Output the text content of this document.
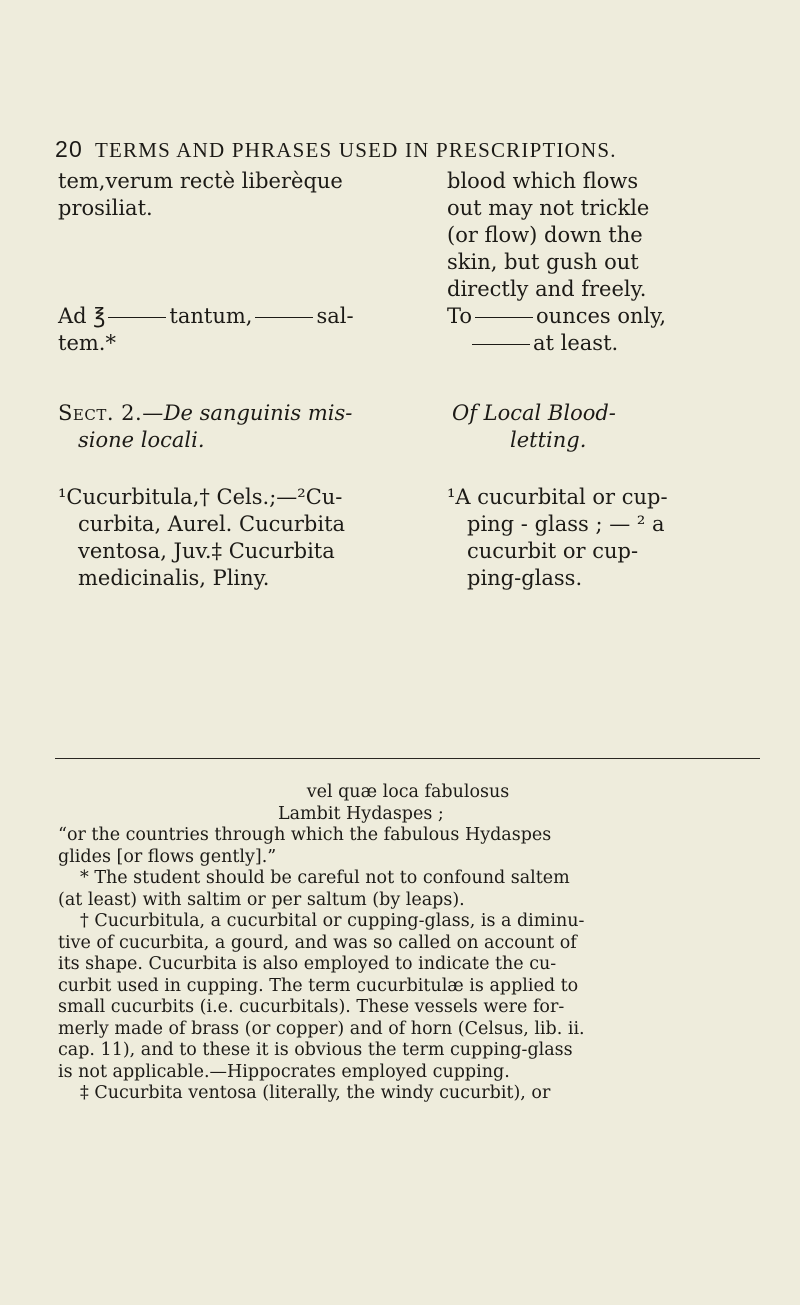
20 TERMS AND PHRASES USED IN PRESCRIPTIONS.
tem,verum rectè liberèque
prosiliat.
blood which flows
out may not trickle
(or flow) down the
skin, but gush out
directly and freely.
Ad ℥	tantum,	sal-
tem.*
To	ounces only,
at least.
Sect. 2.—De sanguinis mis-
sione locali.
Of Local Blood-
letting.
¹Cucurbitula,† Cels.;—²Cu-
curbita, Aurel. Cucurbita
ventosa, Juv.‡ Cucurbita
medicinalis, Pliny.
¹A cucurbital or cup-
ping - glass ; — ² a
cucurbit or cup-
ping-glass.

vel quæ loca fabulosus

Lambit Hydaspes ;

“or the countries through which the fabulous Hydaspes

glides [or flows gently].”

* The student should be careful not to confound saltem

(at least) with saltim or per saltum (by leaps).

† Cucurbitula, a cucurbital or cupping-glass, is a diminu-

tive of cucurbita, a gourd, and was so called on account of

its shape. Cucurbita is also employed to indicate the cu-

curbit used in cupping. The term cucurbitulæ is applied to

small cucurbits (i.e. cucurbitals). These vessels were for-

merly made of brass (or copper) and of horn (Celsus, lib. ii.

cap. 11), and to these it is obvious the term cupping-glass

is not applicable.—Hippocrates employed cupping.

‡ Cucurbita ventosa (literally, the windy cucurbit), or
